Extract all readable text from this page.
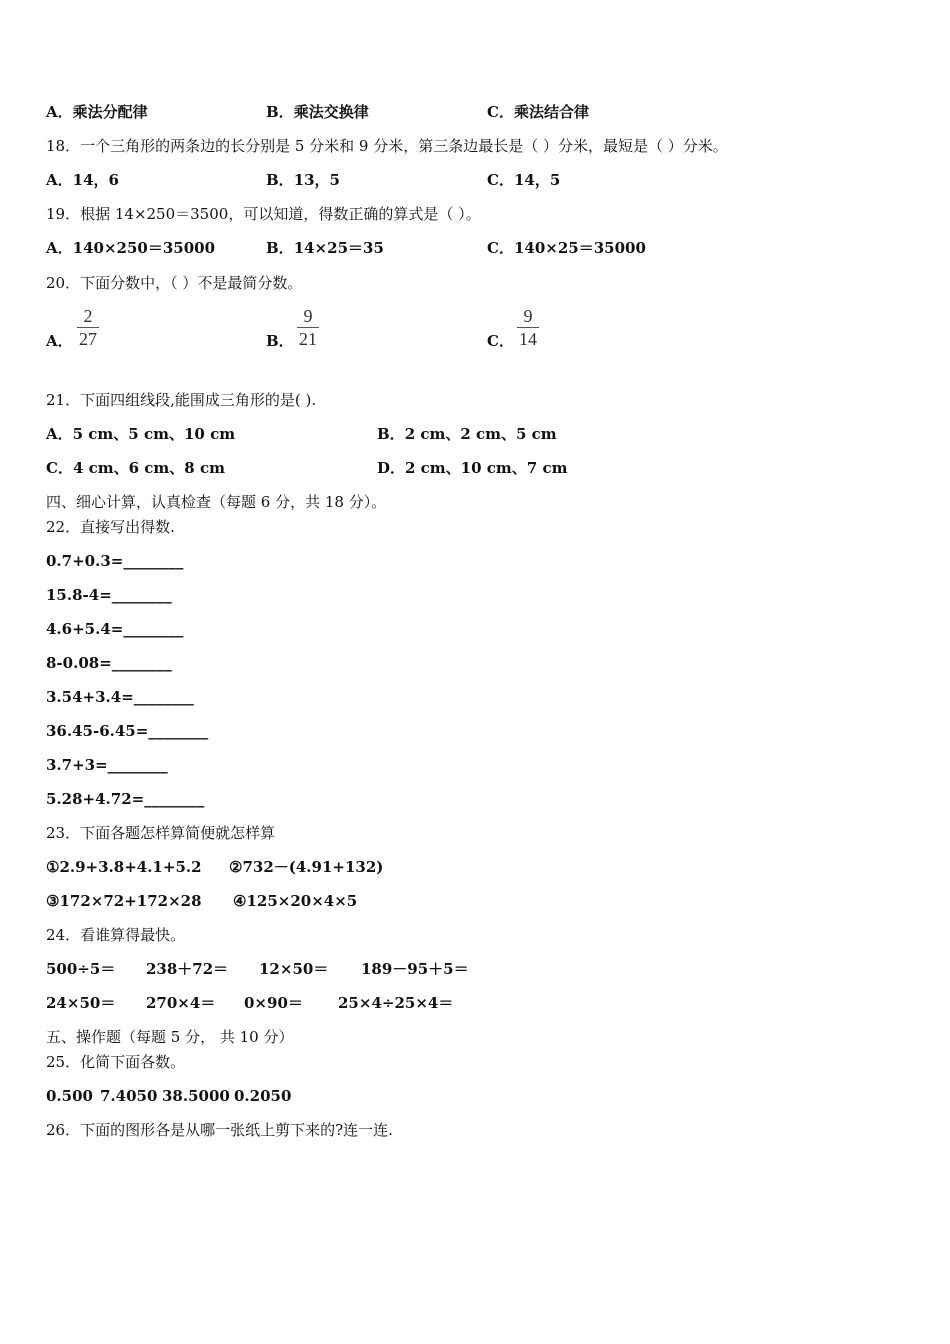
A．乘法分配律	B．乘法交换律	C．乘法结合律
18．一个三角形的两条边的长分别是 5 分米和 9 分米，第三条边最长是（ ）分米，最短是（ ）分米。
A．14，6	B．13，5	C．14，5
19．根据 14×250＝3500，可以知道，得数正确的算式是（ ）。
A．140×250＝35000	B．14×25＝35	C．140×25＝35000
20．下面分数中，（ ）不是最简分数。
A．
2
27	B．
9
21	C．
9
14
21．下面四组线段,能围成三角形的是( ).
A．5 cm、5 cm、10 cm	B．2 cm、2 cm、5 cm
C．4 cm、6 cm、8 cm	D．2 cm、10 cm、7 cm
四、细心计算，认真检查（每题 6 分，共 18 分）。
22．直接写出得数.
0.7+0.3=________
15.8-4=________
4.6+5.4=________
8-0.08=________
3.54+3.4=________
36.45-6.45=________
3.7+3=________
5.28+4.72=________
23．下面各题怎样算简便就怎样算
①2.9+3.8+4.1+5.2 ②732－(4.91+132)
③172×72+172×28 ④125×20×4×5
24．看谁算得最快。
500÷5＝ 238＋72＝ 12×50＝ 189－95＋5＝
24×50＝ 270×4＝ 0×90＝ 25×4÷25×4＝
五、操作题（每题 5 分， 共 10 分）
25．化简下面各数。
0.500 7.4050 38.5000 0.2050
26．下面的图形各是从哪一张纸上剪下来的?连一连.
